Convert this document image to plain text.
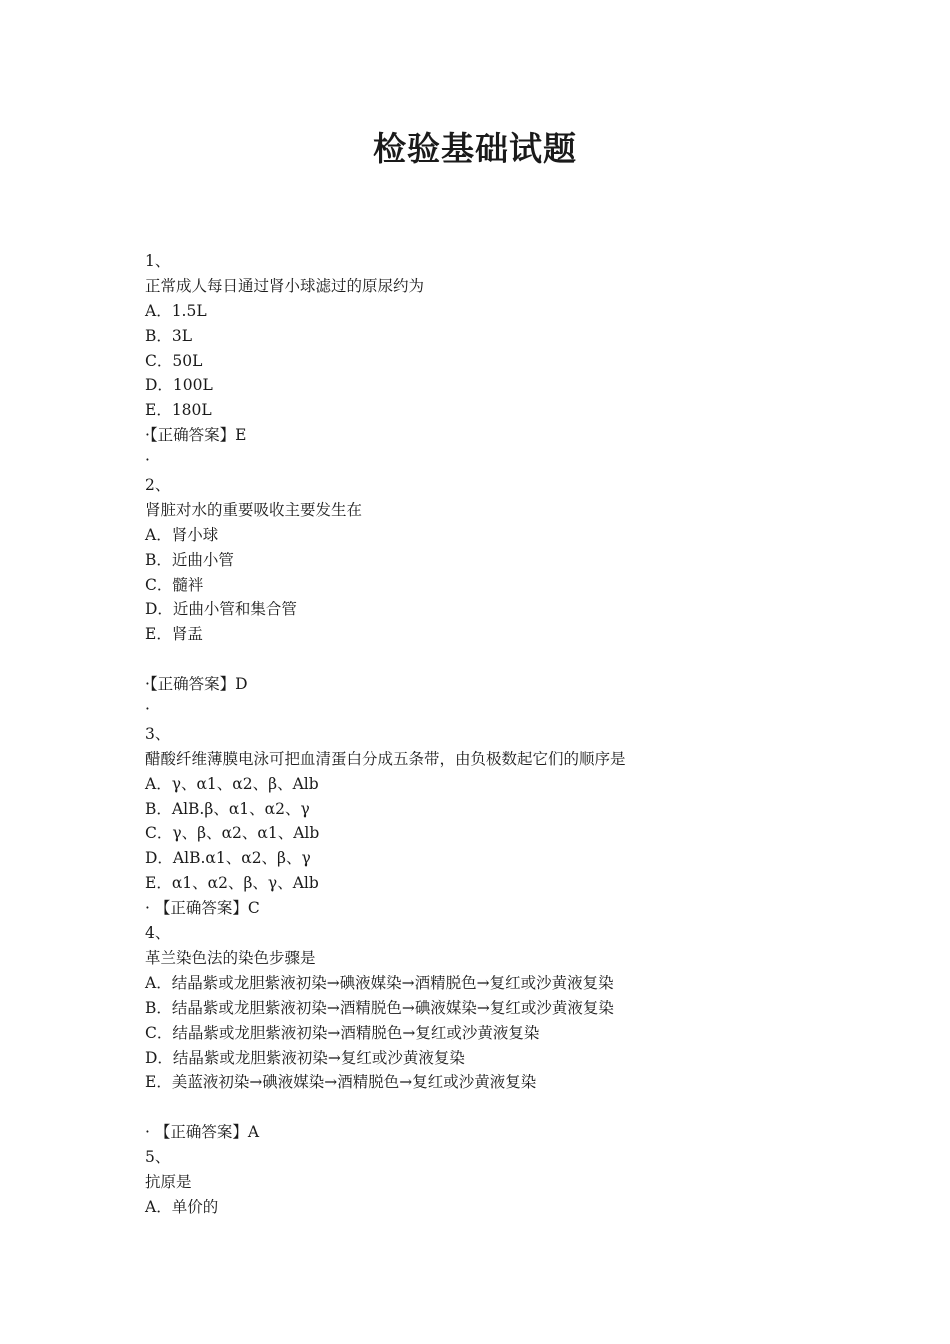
检验基础试题
1、
正常成人每日通过肾小球滤过的原尿约为
A．1.5L
B．3L
C．50L
D．100L
E．180L
·【正确答案】E
·
2、
肾脏对水的重要吸收主要发生在
A．肾小球
B．近曲小管
C．髓袢
D．近曲小管和集合管
E．肾盂
·【正确答案】D
·
3、
醋酸纤维薄膜电泳可把血清蛋白分成五条带，由负极数起它们的顺序是
A．γ、α1、α2、β、Alb
B．AlB.β、α1、α2、γ
C．γ、β、α2、α1、Alb
D．AlB.α1、α2、β、γ
E．α1、α2、β、γ、Alb
· 【正确答案】C
4、
革兰染色法的染色步骤是
A．结晶紫或龙胆紫液初染→碘液媒染→酒精脱色→复红或沙黄液复染
B．结晶紫或龙胆紫液初染→酒精脱色→碘液媒染→复红或沙黄液复染
C．结晶紫或龙胆紫液初染→酒精脱色→复红或沙黄液复染
D．结晶紫或龙胆紫液初染→复红或沙黄液复染
E．美蓝液初染→碘液媒染→酒精脱色→复红或沙黄液复染
· 【正确答案】A
5、
抗原是
A．单价的
